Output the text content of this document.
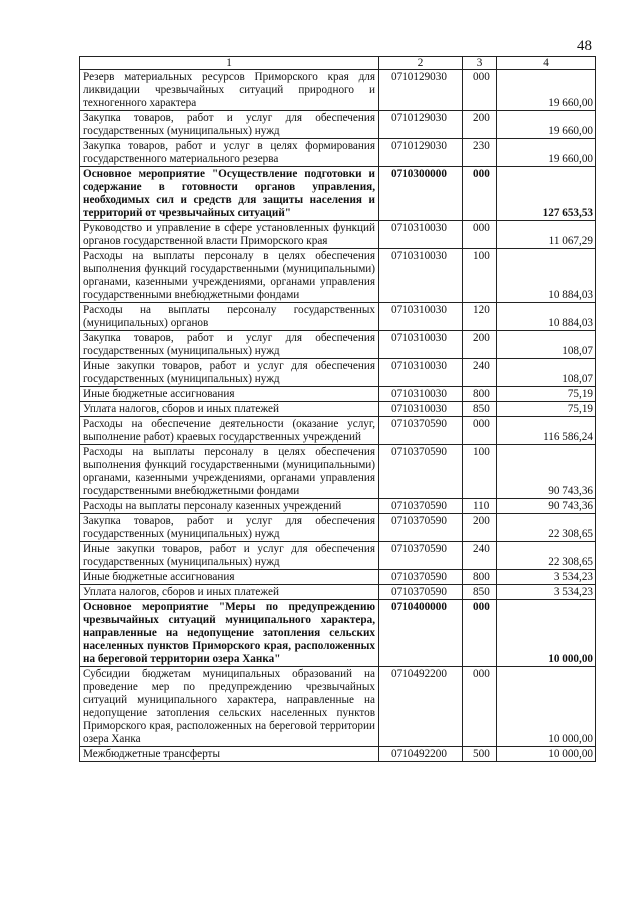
48
1	2	3	4
Резерв материальных ресурсов Приморского края для ликвидации чрезвычайных ситуаций природного и техногенного характера	0710129030	000	19 660,00
Закупка товаров, работ и услуг для обеспечения государственных (муниципальных) нужд	0710129030	200	19 660,00
Закупка товаров, работ и услуг в целях формирования государственного материального резерва	0710129030	230	19 660,00
Основное мероприятие "Осуществление подготовки и содержание в готовности органов управления, необходимых сил и средств для защиты населения и территорий от чрезвычайных ситуаций"	0710300000	000	127 653,53
Руководство и управление в сфере установленных функций органов государственной власти Приморского края	0710310030	000	11 067,29
Расходы на выплаты персоналу в целях обеспечения выполнения функций государственными (муниципальными) органами, казенными учреждениями, органами управления государственными внебюджетными фондами	0710310030	100	10 884,03
Расходы на выплаты персоналу государственных (муниципальных) органов	0710310030	120	10 884,03
Закупка товаров, работ и услуг для обеспечения государственных (муниципальных) нужд	0710310030	200	108,07
Иные закупки товаров, работ и услуг для обеспечения государственных (муниципальных) нужд	0710310030	240	108,07
Иные бюджетные ассигнования	0710310030	800	75,19
Уплата налогов, сборов и иных платежей	0710310030	850	75,19
Расходы на обеспечение деятельности (оказание услуг, выполнение работ) краевых государственных учреждений	0710370590	000	116 586,24
Расходы на выплаты персоналу в целях обеспечения выполнения функций государственными (муниципальными) органами, казенными учреждениями, органами управления государственными внебюджетными фондами	0710370590	100	90 743,36
Расходы на выплаты персоналу казенных учреждений	0710370590	110	90 743,36
Закупка товаров, работ и услуг для обеспечения государственных (муниципальных) нужд	0710370590	200	22 308,65
Иные закупки товаров, работ и услуг для обеспечения государственных (муниципальных) нужд	0710370590	240	22 308,65
Иные бюджетные ассигнования	0710370590	800	3 534,23
Уплата налогов, сборов и иных платежей	0710370590	850	3 534,23
Основное мероприятие "Меры по предупреждению чрезвычайных ситуаций муниципального характера, направленные на недопущение затопления сельских населенных пунктов Приморского края, расположенных на береговой территории озера Ханка"	0710400000	000	10 000,00
Субсидии бюджетам муниципальных образований на проведение мер по предупреждению чрезвычайных ситуаций муниципального характера, направленные на недопущение затопления сельских населенных пунктов Приморского края, расположенных на береговой территории озера Ханка	0710492200	000	10 000,00
Межбюджетные трансферты	0710492200	500	10 000,00
